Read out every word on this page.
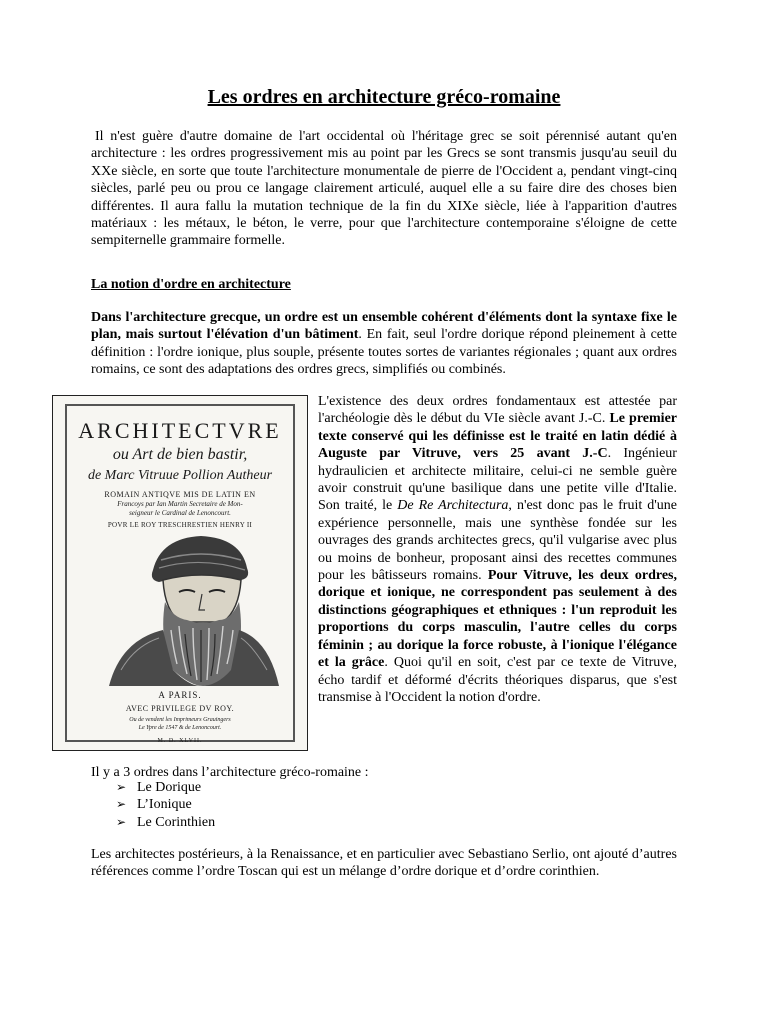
Les ordres en architecture gréco-romaine

Il n'est guère d'autre domaine de l'art occidental où l'héritage grec se soit pérennisé autant qu'en architecture : les ordres progressivement mis au point par les Grecs se sont transmis jusqu'au seuil du XXe siècle, en sorte que toute l'architecture monumentale de pierre de l'Occident a, pendant vingt-cinq siècles, parlé peu ou prou ce langage clairement articulé, auquel elle a su faire dire des choses bien différentes. Il aura fallu la mutation technique de la fin du XIXe siècle, liée à l'apparition d'autres matériaux : les métaux, le béton, le verre, pour que l'architecture contemporaine s'éloigne de cette sempiternelle grammaire formelle.

La notion d'ordre en architecture

Dans l'architecture grecque, un ordre est un ensemble cohérent d'éléments dont la syntaxe fixe le plan, mais surtout l'élévation d'un bâtiment. En fait, seul l'ordre dorique répond pleinement à cette définition : l'ordre ionique, plus souple, présente toutes sortes de variantes régionales ; quant aux ordres romains, ce sont des adaptations des ordres grecs, simplifiés ou combinés.

ARCHITECTVRE
ou Art de bien bastir,
de Marc Vitruue Pollion Autheur
ROMAIN ANTIQVE MIS DE LATIN EN
Francoys par Ian Martin Secretaire de Mon-
seigneur le Cardinal de Lenoncourt.
POVR LE ROY TRESCHRESTIEN HENRY II
A PARIS.
AVEC PRIVILEGE DV ROY.
Ou de vendent les Imprimeurs Grauingers
Le Ypre de 1547 & de Lenoncourt.
M. D. XLVII.

L'existence des deux ordres fondamentaux est attestée par l'archéologie dès le début du VIe siècle avant J.-C. Le premier texte conservé qui les définisse est le traité en latin dédié à Auguste par Vitruve, vers 25 avant J.-C. Ingénieur hydraulicien et architecte militaire, celui-ci ne semble guère avoir construit qu'une basilique dans une petite ville d'Italie. Son traité, le De Re Architectura, n'est donc pas le fruit d'une expérience personnelle, mais une synthèse fondée sur les ouvrages des grands architectes grecs, qu'il vulgarise avec plus ou moins de bonheur, proposant ainsi des recettes communes pour les bâtisseurs romains. Pour Vitruve, les deux ordres, dorique et ionique, ne correspondent pas seulement à des distinctions géographiques et ethniques : l'un reproduit les proportions du corps masculin, l'autre celles du corps féminin ; au dorique la force robuste, à l'ionique l'élégance et la grâce. Quoi qu'il en soit, c'est par ce texte de Vitruve, écho tardif et déformé d'écrits théoriques disparus, que s'est transmise à l'Occident la notion d'ordre.

Il y a 3 ordres dans l’architecture gréco-romaine :

➢ Le Dorique
➢ L’Ionique
➢ Le Corinthien

Les architectes postérieurs, à la Renaissance, et en particulier avec Sebastiano Serlio, ont ajouté d’autres références comme l’ordre Toscan qui est un mélange d’ordre dorique et d’ordre corinthien.
